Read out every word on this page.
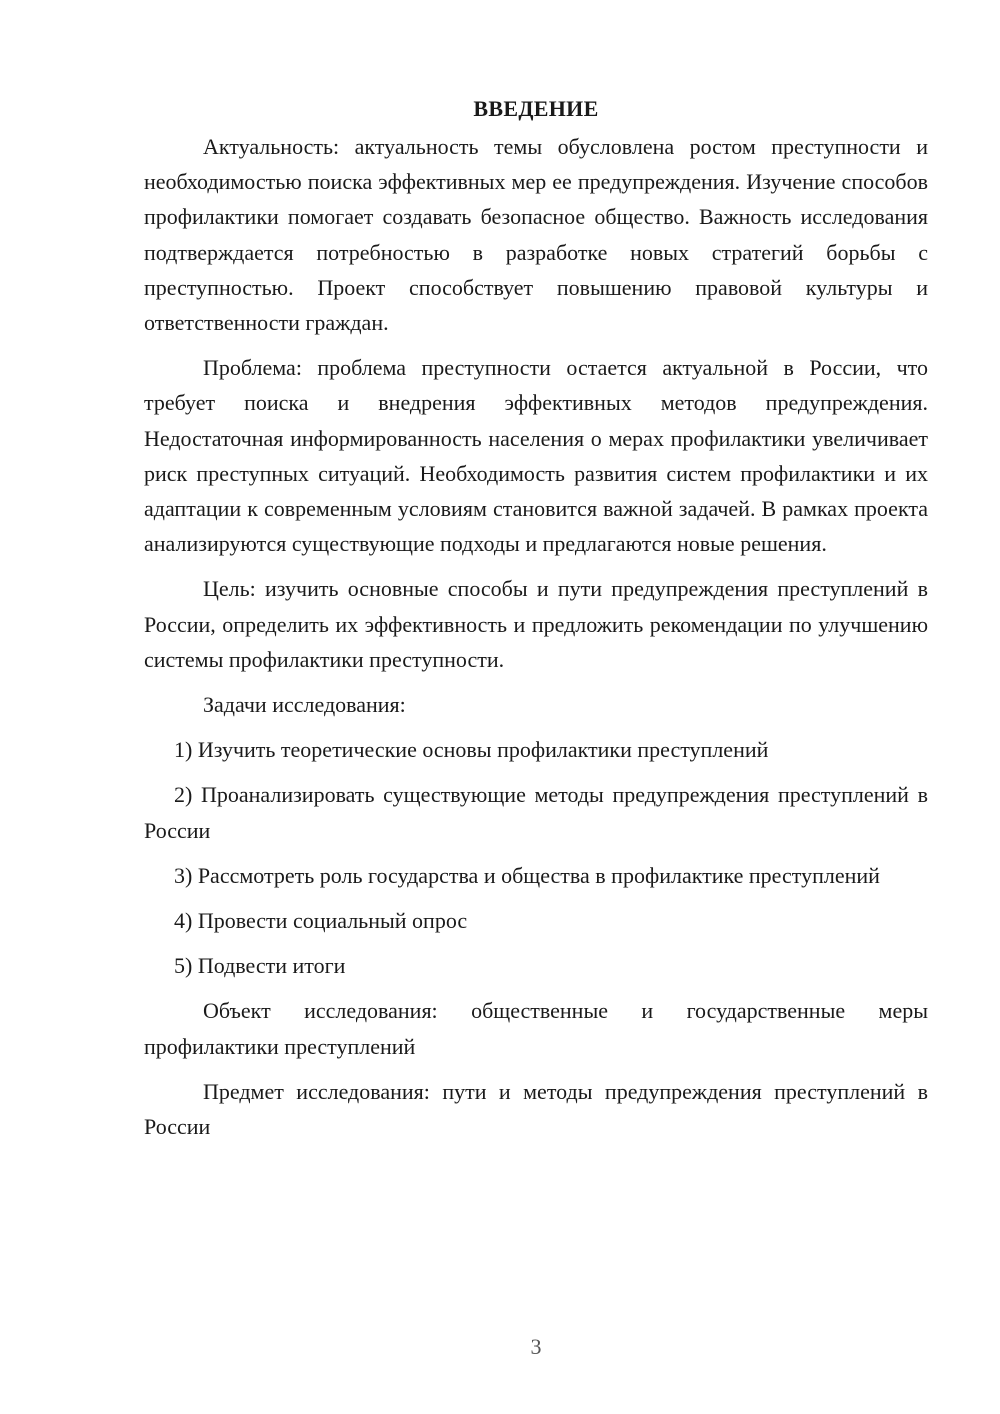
ВВЕДЕНИЕ

Актуальность: актуальность темы обусловлена ростом преступности и необходимостью поиска эффективных мер ее предупреждения. Изучение способов профилактики помогает создавать безопасное общество. Важность исследования подтверждается потребностью в разработке новых стратегий борьбы с преступностью. Проект способствует повышению правовой культуры и ответственности граждан.

Проблема: проблема преступности остается актуальной в России, что требует поиска и внедрения эффективных методов предупреждения. Недостаточная информированность населения о мерах профилактики увеличивает риск преступных ситуаций. Необходимость развития систем профилактики и их адаптации к современным условиям становится важной задачей. В рамках проекта анализируются существующие подходы и предлагаются новые решения.

Цель: изучить основные способы и пути предупреждения преступлений в России, определить их эффективность и предложить рекомендации по улучшению системы профилактики преступности.

Задачи исследования:

1) Изучить теоретические основы профилактики преступлений

2) Проанализировать существующие методы предупреждения преступлений в России

3) Рассмотреть роль государства и общества в профилактике преступлений

4) Провести социальный опрос

5) Подвести итоги

Объект исследования: общественные и государственные меры профилактики преступлений

Предмет исследования: пути и методы предупреждения преступлений в России

3
